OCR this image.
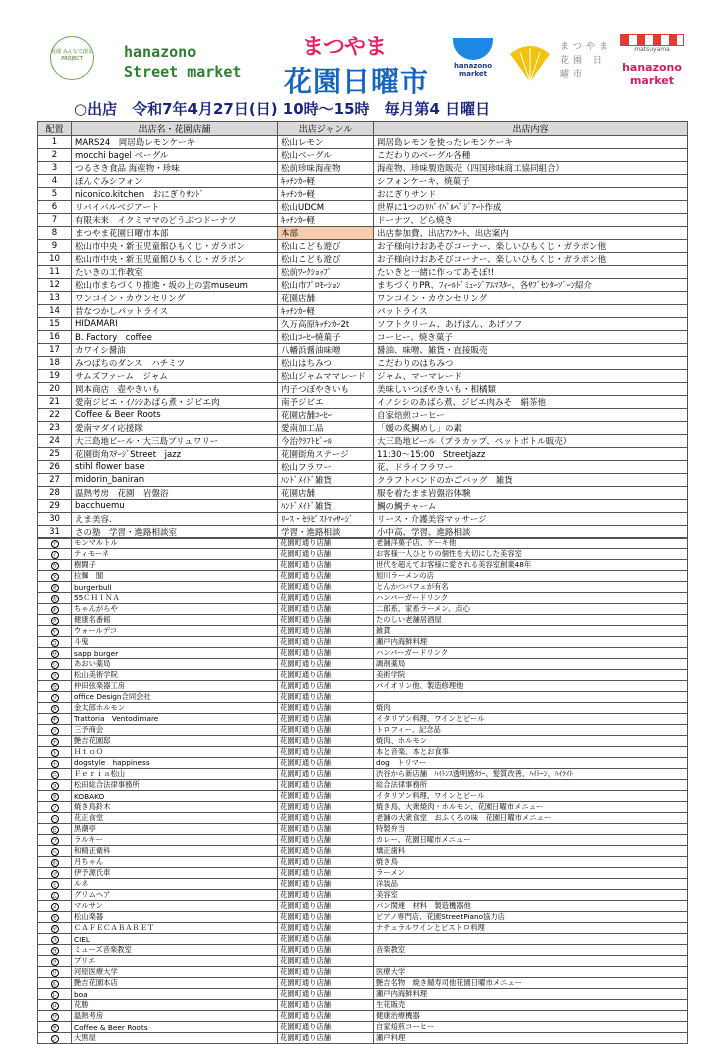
花園 みんなで創る PROJECT	hanazono
Street market
まつやま
花園日曜市	hanazono market
まつやま 花園 日曜市
matsuyama
hanazono market
○出店　令和7年4月27日(日) 10時〜15時　毎月第4 日曜日
配置	出店名・花園店舗	出店ジャンル	出店内容
1	MARS24　岡居島レモンケーキ	松山レモン	岡居島レモンを使ったレモンケーキ
2	mocchi bagel ベーグル	松山ベーグル	こだわりのベーグル各種
3	つるさき食品 海産物・珍味	松前珍味海産物	海産物、珍味製造販売（四国珍味商工協同組合）
4	ぽんぐみシフォン	ｷｯﾁﾝｶｰ軽	シフォンケーキ、焼菓子
5	niconico.kitchen　おにぎりｻﾝﾄﾞ	ｷｯﾁﾝｶｰ軽	おにぎりサンド
6	リバイバルベジアート	松山UDCM	世界に1つのﾘﾊﾞｲﾊﾞﾙﾍﾞｼﾞｱｰﾄ作成
7	有限未来　イクミママのどうぶつドーナツ	ｷｯﾁﾝｶｰ軽	ドーナツ、どら焼き
8	まつやま花園日曜市本部	本部	出店参加費、出店ｱﾝｹｰﾄ、出店案内
9	松山市中央・新玉児童館ひもくじ・ガラポン	松山こども遊び	お子様向けおあそびコーナー、楽しいひもくじ・ガラポン他
10	松山市中央・新玉児童館ひもくじ・ガラポン	松山こども遊び	お子様向けおあそびコーナー、楽しいひもくじ・ガラポン他
11	たいきの工作教室	松前ﾜｰｸｼｮｯﾌﾟ	たいきと一緒に作ってあそぼ!!
12	松山市まちづくり推進・坂の上の雲museum	松山市ﾌﾟﾛﾓｰｼｮﾝ	まちづくりPR、ﾌｨｰﾙﾄﾞﾐｭｰｼﾞｱﾑﾏｽﾀｰ、各ｻﾌﾞｾﾝﾀｰｿﾞｰﾝ紹介
13	ワンコイン・カウンセリング	花園店舗	ワンコイン・カウンセリング
14	昔なつかしパットライス	ｷｯﾁﾝｶｰ軽	パットライス
15	HIDAMARI	久万高原ｷｯﾁﾝｶｰ2t	ソフトクリーム、あげぱん、あげソフ
16	B. Factory　coffee	松山ｺｰﾋｰ焼菓子	コーヒー、焼き菓子
17	カワイシ醤油	八幡浜醤油味噌	醤油、味噌、雑貨・直接販売
18	みつばちのダンス　ハチミツ	松山はちみつ	こだわりのはちみつ
19	サムズファーム　ジャム	松山ジャムママレード	ジャム、マーマレード
20	岡本商店　壺やきいも	内子つぼやきいも	美味しいつぼやきいも・相橘類
21	愛南ジビエ・ｲﾉｼｼあばら煮・ジビエ肉	南予ジビエ	イノシシのあばら煮、ジビエ肉みそ　絹茶他
22	Coffee & Beer Roots	花園店舗ｺｰﾋｰ	自家焙煎コーヒー
23	愛南マダイ応援隊	愛南加工品	「媛の炙鯛めし」の素
24	大三島地ビール・大三島ブリュワリー	今治ｸﾗﾌﾄﾋﾞｰﾙ	大三島地ビール（プラカップ、ペットボトル販売）
25	花園街角ｽﾃｰｼﾞStreet　jazz	花園街角ステージ	11:30〜15:00　Streetjazz
26	stihl flower base	松山フラワー	花、ドライフラワー
27	midorin_baniran	ﾊﾝﾄﾞﾒｲﾄﾞ雑貨	クラフトバンドのかごバッグ　雑貨
28	温熱考房　花園　岩盤浴	花園店舗	服を着たまま岩盤浴体験
29	bacchuemu	ﾊﾝﾄﾞﾒｲﾄﾞ雑貨	鯛の鯛チャーム
30	えま美容.	ﾘｰｽ・ｾﾗﾋﾟｽﾄﾏｯｻｰｼﾞ	リース・介護美容マッサージ
31	さの塾　学習・進路相談室	学習・進路相談	小中高、学習、進路相談
ア	モンマルトル	花園町通り店舗	老舗洋菓子店、ケーキ他
イ	ティモーネ	花園町通り店舗	お客様一人ひとりの個性を大切にした美容室
ウ	樹闘子	花園町通り店舗	世代を超えてお客様に愛される美容室創業48年
エ	拉麺　閣	花園町通り店舗	旭川ラーメンの店
オ	burgerbull	花園町通り店舗	とんかつパフェが有名
カ	55ＣＨＩＮＡ	花園町通り店舗	ハンバーガードリンク
キ	ちゃんがらや	花園町通り店舗	二郎系、家系ラーメン、点心
ク	健康名番館	花園町通り店舗	たのしい老舗居酒屋
ケ	ウォールデコ	花園町通り店舗	雑貨
コ	斗鬼	花園町通り店舗	瀬戸内海鮮料理
サ	sapp burger	花園町通り店舗	ハンバーガードリンク
シ	あおい薬局	花園町通り店舗	調剤薬局
ス	松山美術学院	花園町通り店舗	美術学院
セ	仲田弦楽器工房	花園町通り店舗	バイオリン他、製造修理他
ソ	office Design合同会社	花園町通り店舗	
タ	金太郎ホルモン	花園町通り店舗	焼肉
チ	Trattoria　Ventodimare	花園町通り店舗	イタリアン料理、ワインとビール
ツ	三予商会	花園町通り店舗	トロフィー、記念品
テ	艶吉花園邸	花園町通り店舗	焼肉、ホルモン
ト	ＨｔｏＯ	花園町通り店舗	本と音楽、本とお食事
ナ	dogstyle　happiness	花園町通り店舗	dog　トリマー
ニ	Ｆｅｒｉａ松山	花園町通り店舗	渋谷から新店舗　ﾊｲﾄﾝｽ透明感ｶﾗｰ、髪質改善、ﾊｲﾄｰﾝ、ﾊｲﾗｲﾄ
ヌ	松田総合法律事務所	花園町通り店舗	総合法律事務所
ネ	KOBAKO	花園町通り店舗	イタリアン料理、ワインとビール
ノ	焼き鳥鈴木	花園町通り店舗	焼き鳥、大衆焼肉・ホルモン、花園日曜市メニュー
ハ	花正食堂	花園町通り店舗	老舗の大衆食堂　おふくろの味　花園日曜市メニュー
ヒ	黒潮亭	花園町通り店舗	特製弁当
フ	ラルキー	花園町通り店舗	カレー、花園日曜市メニュー
ヘ	和精正衛科	花園町通り店舗	矯正歯科
ホ	月ちゃん	花園町通り店舗	焼き鳥
マ	伊予源氏車	花園町通り店舗	ラーメン
ミ	ルネ	花園町通り店舗	洋装品
ム	グリムヘア	花園町通り店舗	美容室
メ	マルサン	花園町通り店舗	パン関連　材料　製造機器他
モ	松山楽器	花園町通り店舗	ピアノ専門店、花園StreetPiano協力店
ヤ	ＣＡＦＥＣＡＢＡＲＥＴ	花園町通り店舗	ナチュラルワインとビストロ料理
ユ	CIEL	花園町通り店舗	
ヨ	ミューズ音楽教室	花園町通り店舗	音楽教室
ラ	プリエ	花園町通り店舗	
リ	河原医療大学	花園町通り店舗	医療大学
ル	艶吉花園本店	花園町通り店舗	艶吉名物　焼き鯖寿司他花園日曜市メニュー
レ	boa	花園町通り店舗	瀬戸内海鮮料理
ロ	花勝	花園町通り店舗	生花販売
ワ	温熱考房	花園町通り店舗	健康治療機器
ヲ	Coffee & Beer Roots	花園町通り店舗	自家焙煎コーヒー
ン	大黒屋	花園町通り店舗	瀬戸料理
